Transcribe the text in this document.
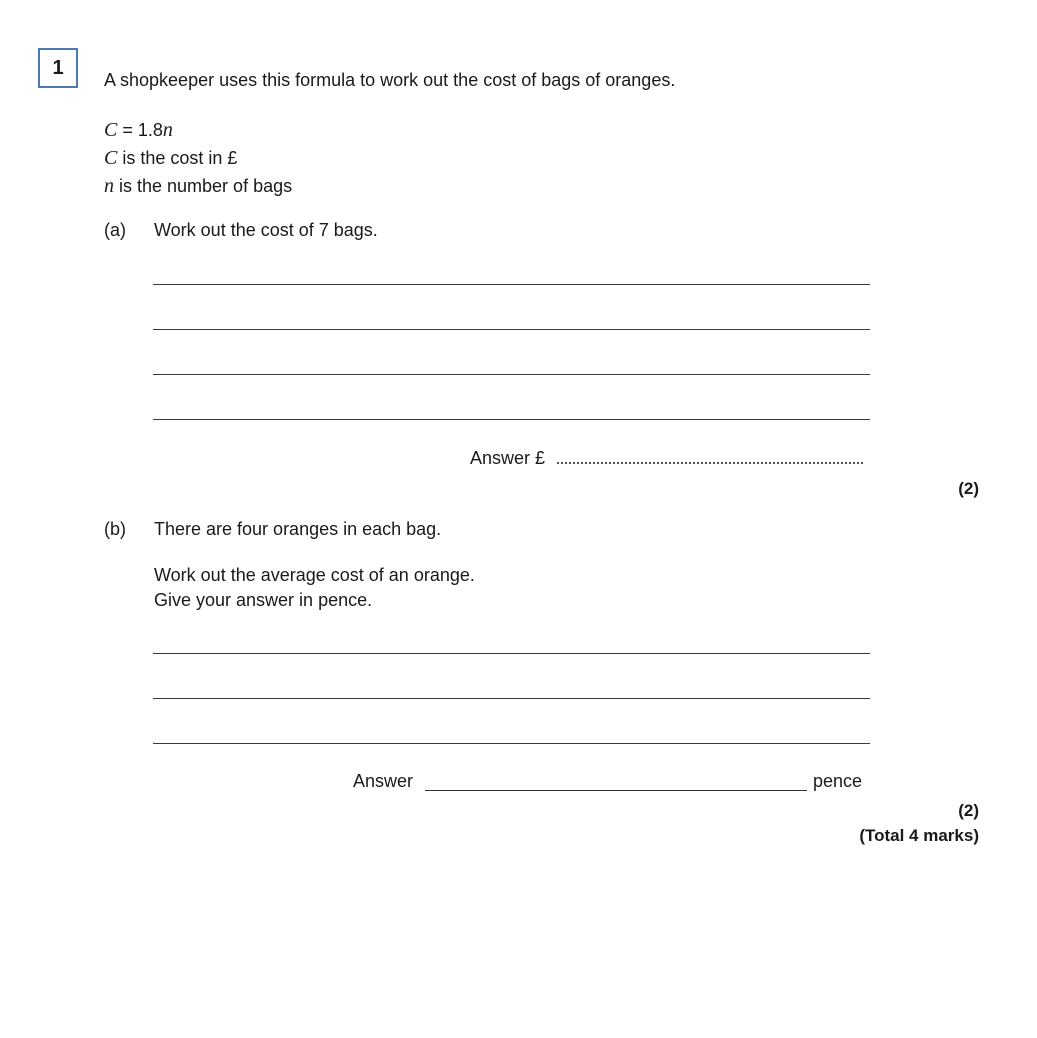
1
A shopkeeper uses this formula to work out the cost of bags of oranges.
C = 1.8n
C is the cost in £
n is the number of bags
(a) Work out the cost of 7 bags.
Answer £
(2)
(b) There are four oranges in each bag.
Work out the average cost of an orange.
Give your answer in pence.
Answer	pence
(2)
(Total 4 marks)
